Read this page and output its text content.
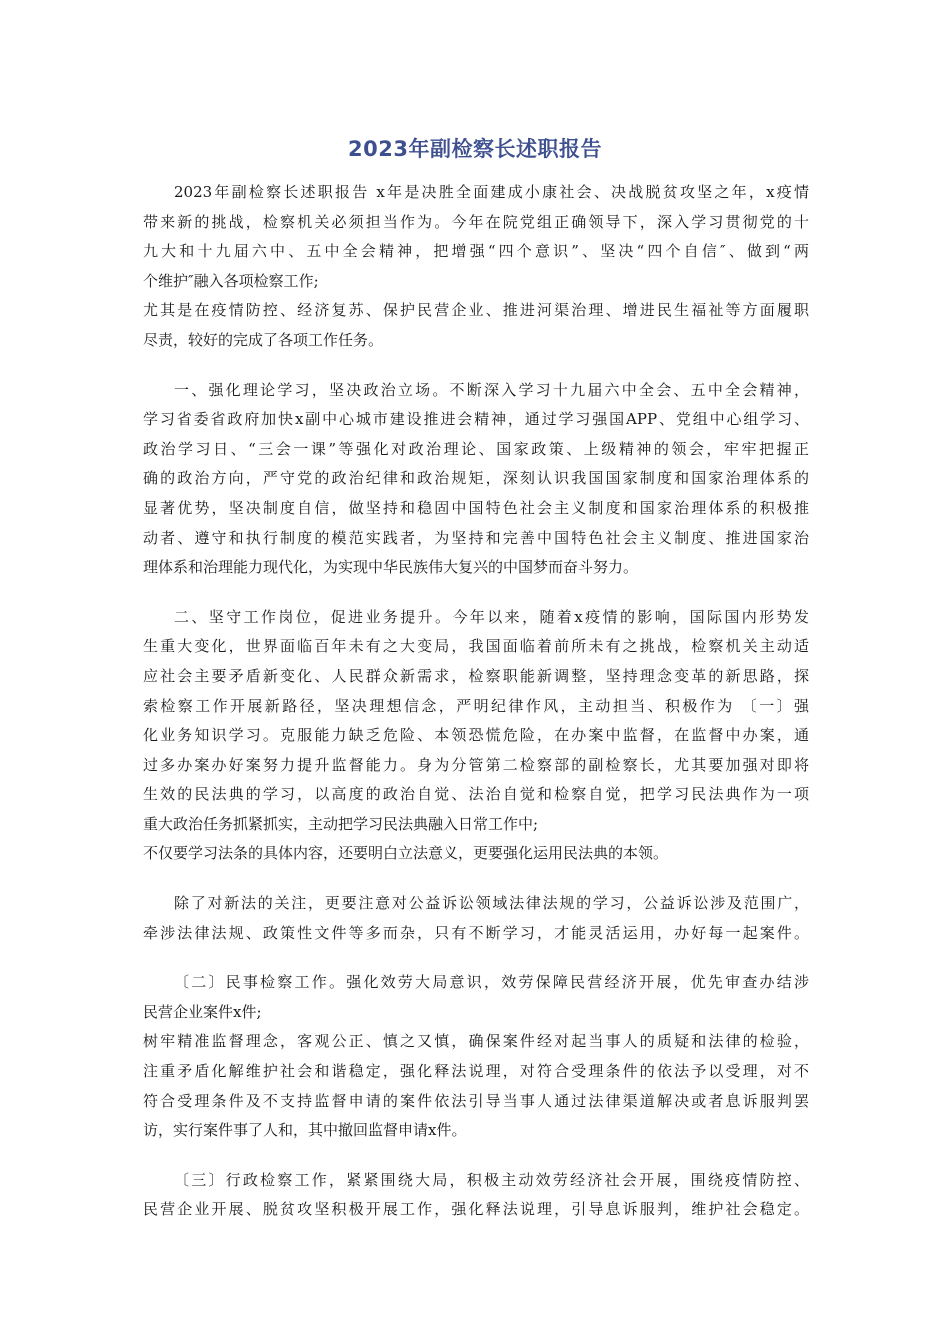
2023年副检察长述职报告
2023年副检察长述职报告 x年是决胜全面建成小康社会、决战脱贫攻坚之年，x疫情
带来新的挑战，检察机关必须担当作为。今年在院党组正确领导下，深入学习贯彻党的十
九大和十九届六中、五中全会精神，把增强“四个意识”、坚决“四个自信″、做到“两
个维护″融入各项检察工作;
尤其是在疫情防控、经济复苏、保护民营企业、推进河渠治理、增进民生福祉等方面履职
尽责，较好的完成了各项工作任务。
一、强化理论学习，坚决政治立场。不断深入学习十九届六中全会、五中全会精神，
学习省委省政府加快x副中心城市建设推进会精神，通过学习强国APP、党组中心组学习、
政治学习日、“三会一课”等强化对政治理论、国家政策、上级精神的领会，牢牢把握正
确的政治方向，严守党的政治纪律和政治规矩，深刻认识我国国家制度和国家治理体系的
显著优势，坚决制度自信，做坚持和稳固中国特色社会主义制度和国家治理体系的积极推
动者、遵守和执行制度的模范实践者，为坚持和完善中国特色社会主义制度、推进国家治
理体系和治理能力现代化，为实现中华民族伟大复兴的中国梦而奋斗努力。
二、坚守工作岗位，促进业务提升。今年以来，随着x疫情的影响，国际国内形势发
生重大变化，世界面临百年未有之大变局，我国面临着前所未有之挑战，检察机关主动适
应社会主要矛盾新变化、人民群众新需求，检察职能新调整，坚持理念变革的新思路，探
索检察工作开展新路径，坚决理想信念，严明纪律作风，主动担当、积极作为 〔一〕强
化业务知识学习。克服能力缺乏危险、本领恐慌危险，在办案中监督，在监督中办案，通
过多办案办好案努力提升监督能力。身为分管第二检察部的副检察长，尤其要加强对即将
生效的民法典的学习，以高度的政治自觉、法治自觉和检察自觉，把学习民法典作为一项
重大政治任务抓紧抓实，主动把学习民法典融入日常工作中;
不仅要学习法条的具体内容，还要明白立法意义，更要强化运用民法典的本领。
除了对新法的关注，更要注意对公益诉讼领域法律法规的学习，公益诉讼涉及范围广，
牵涉法律法规、政策性文件等多而杂，只有不断学习，才能灵活运用，办好每一起案件。
〔二〕民事检察工作。强化效劳大局意识，效劳保障民营经济开展，优先审查办结涉
民营企业案件x件;
树牢精准监督理念，客观公正、慎之又慎，确保案件经对起当事人的质疑和法律的检验，
注重矛盾化解维护社会和谐稳定，强化释法说理，对符合受理条件的依法予以受理，对不
符合受理条件及不支持监督申请的案件依法引导当事人通过法律渠道解决或者息诉服判罢
访，实行案件事了人和，其中撤回监督申请x件。
〔三〕行政检察工作，紧紧围绕大局，积极主动效劳经济社会开展，围绕疫情防控、
民营企业开展、脱贫攻坚积极开展工作，强化释法说理，引导息诉服判，维护社会稳定。
